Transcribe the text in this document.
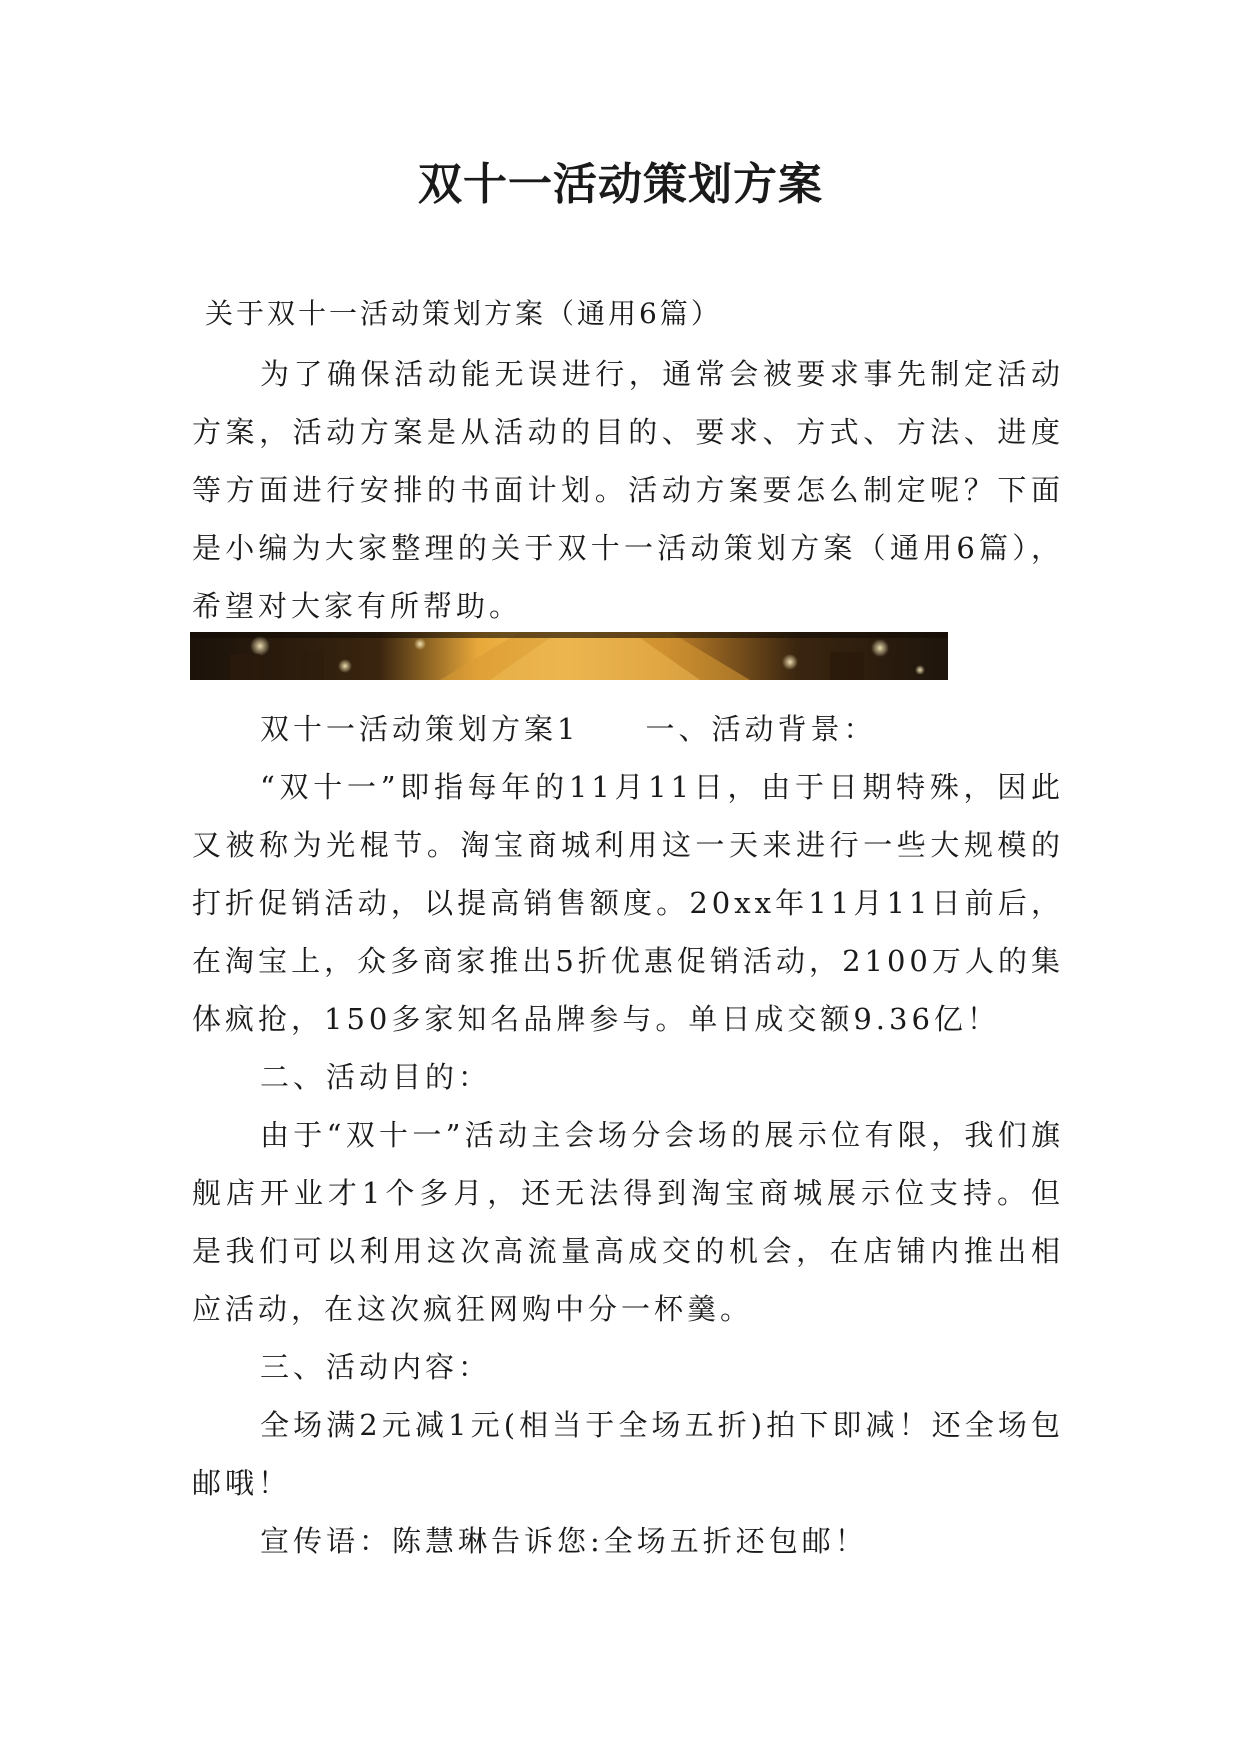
双十一活动策划方案

关于双十一活动策划方案（通用6篇）

为了确保活动能无误进行，通常会被要求事先制定活动方案，活动方案是从活动的目的、要求、方式、方法、进度等方面进行安排的书面计划。活动方案要怎么制定呢？下面是小编为大家整理的关于双十一活动策划方案（通用6篇），希望对大家有所帮助。

双十一活动策划方案1　　一、活动背景：

“双十一”即指每年的11月11日，由于日期特殊，因此又被称为光棍节。淘宝商城利用这一天来进行一些大规模的打折促销活动，以提高销售额度。20xx年11月11日前后，在淘宝上，众多商家推出5折优惠促销活动，2100万人的集体疯抢，150多家知名品牌参与。单日成交额9.36亿！

二、活动目的：

由于“双十一”活动主会场分会场的展示位有限，我们旗舰店开业才1个多月，还无法得到淘宝商城展示位支持。但是我们可以利用这次高流量高成交的机会，在店铺内推出相应活动，在这次疯狂网购中分一杯羹。

三、活动内容：

全场满2元减1元(相当于全场五折)拍下即减！还全场包邮哦！

宣传语：陈慧琳告诉您:全场五折还包邮！
